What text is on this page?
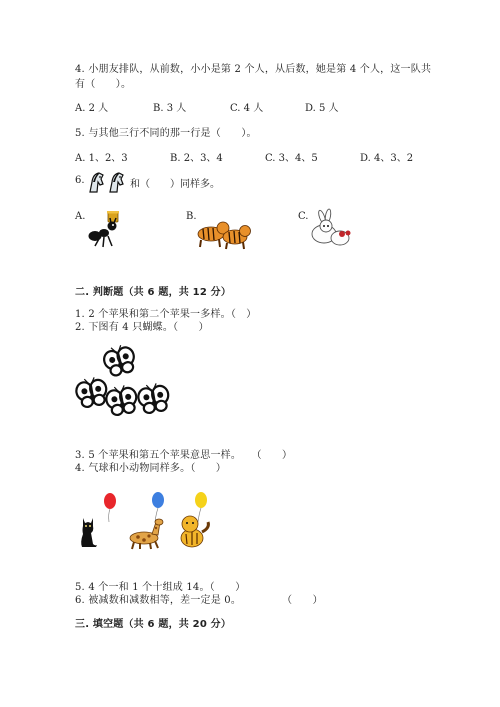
4. 小朋友排队，从前数，小小是第 2 个人，从后数，她是第 4 个人，这一队共
有（　　）。
A. 2 人	B. 3 人	C. 4 人	D. 5 人
5. 与其他三行不同的那一行是（　　）。
A. 1、2、3	B. 2、3、4	C. 3、4、5	D. 4、3、2
6.	和（　　）同样多。
A.	B.	C.
二. 判断题（共 6 题，共 12 分）
1. 2 个苹果和第二个苹果一多样。（　）
2. 下图有 4 只蝴蝶。（　　）
3. 5 个苹果和第五个苹果意思一样。　　（　　）
4. 气球和小动物同样多。（　　）
5. 4 个一和 1 个十组成 14。（　　）
6. 被减数和减数相等，差一定是 0。　　　　　（　　）
三. 填空题（共 6 题，共 20 分）
